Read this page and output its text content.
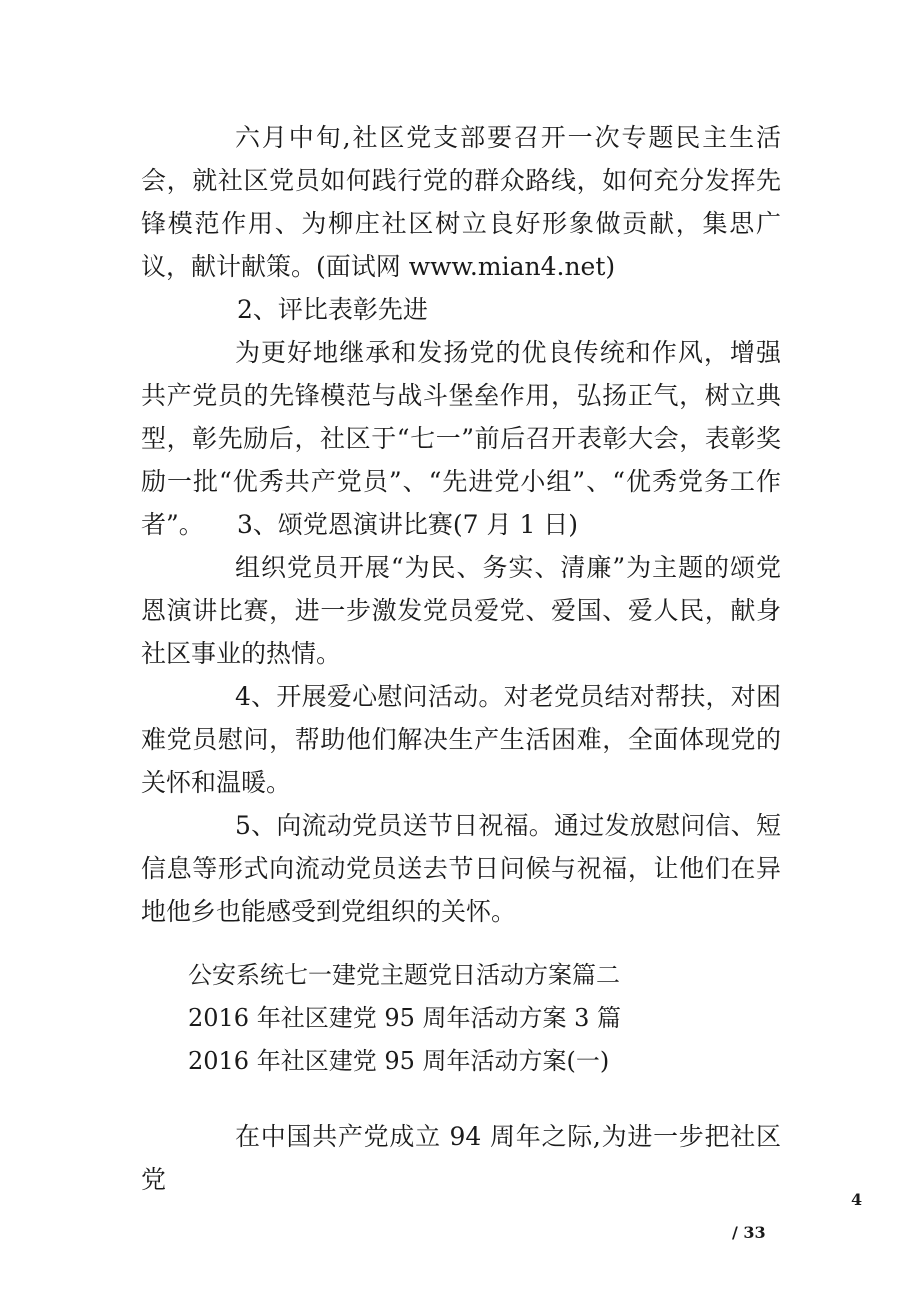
六月中旬,社区党支部要召开一次专题民主生活会，就社区党员如何践行党的群众路线，如何充分发挥先锋模范作用、为柳庄社区树立良好形象做贡献，集思广议，献计献策。(面试网 www.mian4.net)

2、评比表彰先进

为更好地继承和发扬党的优良传统和作风，增强共产党员的先锋模范与战斗堡垒作用，弘扬正气，树立典型，彰先励后，社区于“七一”前后召开表彰大会，表彰奖励一批“优秀共产党员”、“先进党小组”、“优秀党务工作者”。	3、颂党恩演讲比赛(7 月 1 日)

组织党员开展“为民、务实、清廉”为主题的颂党恩演讲比赛，进一步激发党员爱党、爱国、爱人民，献身社区事业的热情。

4、开展爱心慰问活动。对老党员结对帮扶，对困难党员慰问，帮助他们解决生产生活困难，全面体现党的关怀和温暖。

5、向流动党员送节日祝福。通过发放慰问信、短信息等形式向流动党员送去节日问候与祝福，让他们在异地他乡也能感受到党组织的关怀。

公安系统七一建党主题党日活动方案篇二

2016 年社区建党 95 周年活动方案 3 篇

2016 年社区建党 95 周年活动方案(一)

在中国共产党成立 94 周年之际,为进一步把社区党

4

/ 33
